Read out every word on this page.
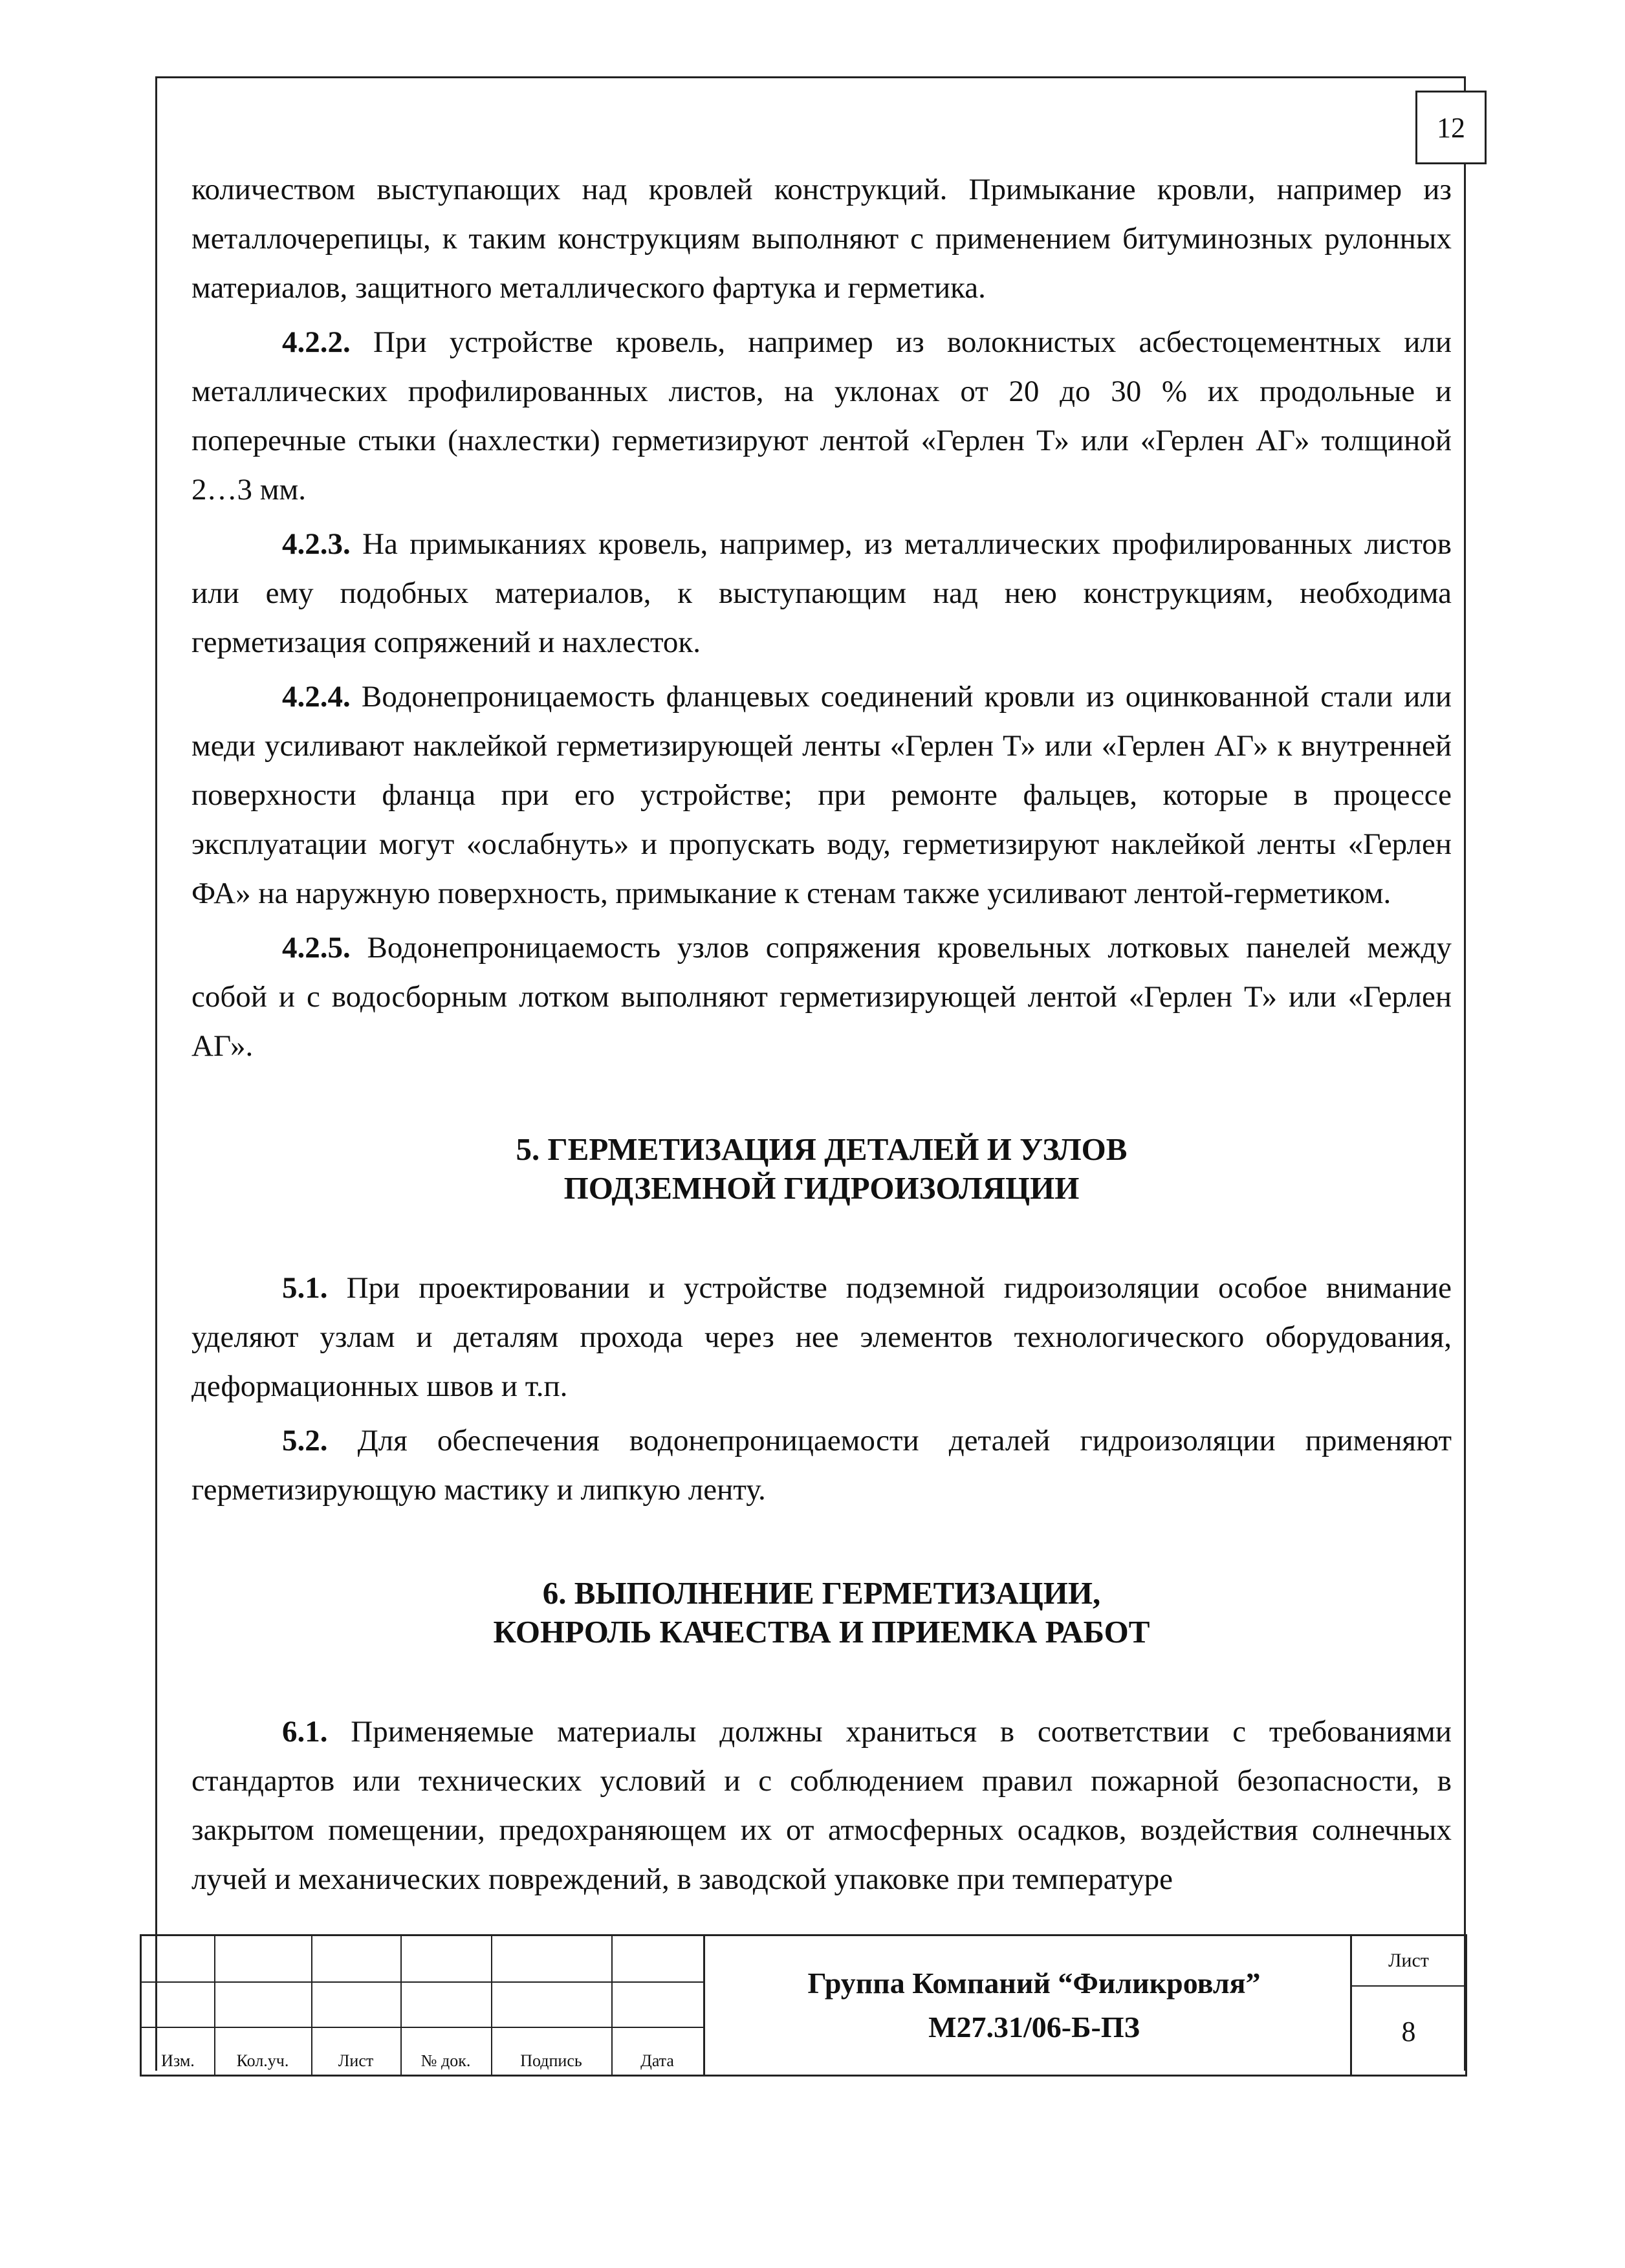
12

количеством выступающих над кровлей конструкций. Примыкание кровли, например из металлочерепицы, к таким конструкциям выполняют с применением битуминозных рулонных материалов, защитного металлического фартука и герметика.

4.2.2. При устройстве кровель, например из волокнистых асбестоцементных или металлических профилированных листов, на уклонах от 20 до 30 % их продольные и поперечные стыки (нахлестки) герметизируют лентой «Герлен Т» или «Герлен АГ» толщиной 2…3 мм.

4.2.3. На примыканиях кровель, например, из металлических профилированных листов или ему подобных материалов, к выступающим над нею конструкциям, необходима герметизация сопряжений и нахлесток.

4.2.4. Водонепроницаемость фланцевых соединений кровли из оцинкованной стали или меди усиливают наклейкой герметизирующей ленты «Герлен Т» или «Герлен АГ» к внутренней поверхности фланца при его устройстве; при ремонте фальцев, которые в процессе эксплуатации могут «ослабнуть» и пропускать воду, герметизируют наклейкой ленты «Герлен ФА» на наружную поверхность, примыкание к стенам также усиливают лентой-герметиком.

4.2.5. Водонепроницаемость узлов сопряжения кровельных лотковых панелей между собой и с водосборным лотком выполняют герметизирующей лентой «Герлен Т» или «Герлен АГ».

5. ГЕРМЕТИЗАЦИЯ ДЕТАЛЕЙ И УЗЛОВ
ПОДЗЕМНОЙ ГИДРОИЗОЛЯЦИИ

5.1. При проектировании и устройстве подземной гидроизоляции особое внимание уделяют узлам и деталям прохода через нее элементов технологического оборудования, деформационных швов и т.п.

5.2. Для обеспечения водонепроницаемости деталей гидроизоляции применяют герметизирующую мастику и липкую ленту.

6. ВЫПОЛНЕНИЕ ГЕРМЕТИЗАЦИИ,
КОНРОЛЬ КАЧЕСТВА И ПРИЕМКА РАБОТ

6.1. Применяемые материалы должны храниться в соответствии с требованиями стандартов или технических условий и с соблюдением правил пожарной безопасности, в закрытом помещении, предохраняющем их от атмосферных осадков, воздействия солнечных лучей и механических повреждений, в заводской упаковке при температуре

Изм.	Кол.уч.	Лист	№ док.	Подпись	Дата
Группа Компаний “Филикровля”
М27.31/06-Б-ПЗ
Лист
8
